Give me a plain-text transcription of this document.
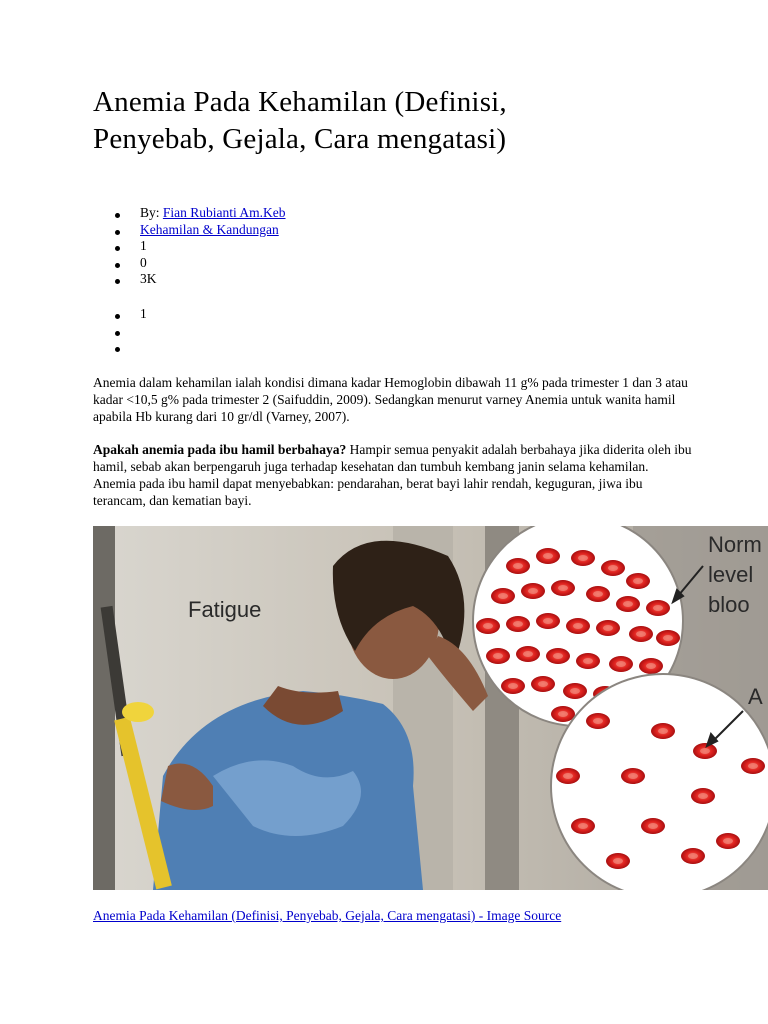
Anemia Pada Kehamilan (Definisi,
Penyebab, Gejala, Cara mengatasi)
By: Fian Rubianti Am.Keb
Kehamilan & Kandungan
1
0
3K
1

Anemia dalam kehamilan ialah kondisi dimana kadar Hemoglobin dibawah 11 g% pada trimester 1 dan 3 atau kadar <10,5 g% pada trimester 2 (Saifuddin, 2009). Sedangkan menurut varney Anemia untuk wanita hamil apabila Hb kurang dari 10 gr/dl (Varney, 2007).

Apakah anemia pada ibu hamil berbahaya? Hampir semua penyakit adalah berbahaya jika diderita oleh ibu hamil, sebab akan berpengaruh juga terhadap kesehatan dan tumbuh kembang janin selama kehamilan. Anemia pada ibu hamil dapat menyebabkan: pendarahan, berat bayi lahir rendah, keguguran, jiwa ibu terancam, dan kematian bayi.

Fatigue
Norm
level
bloo
A
Anemia Pada Kehamilan (Definisi, Penyebab, Gejala, Cara mengatasi) - Image Source
